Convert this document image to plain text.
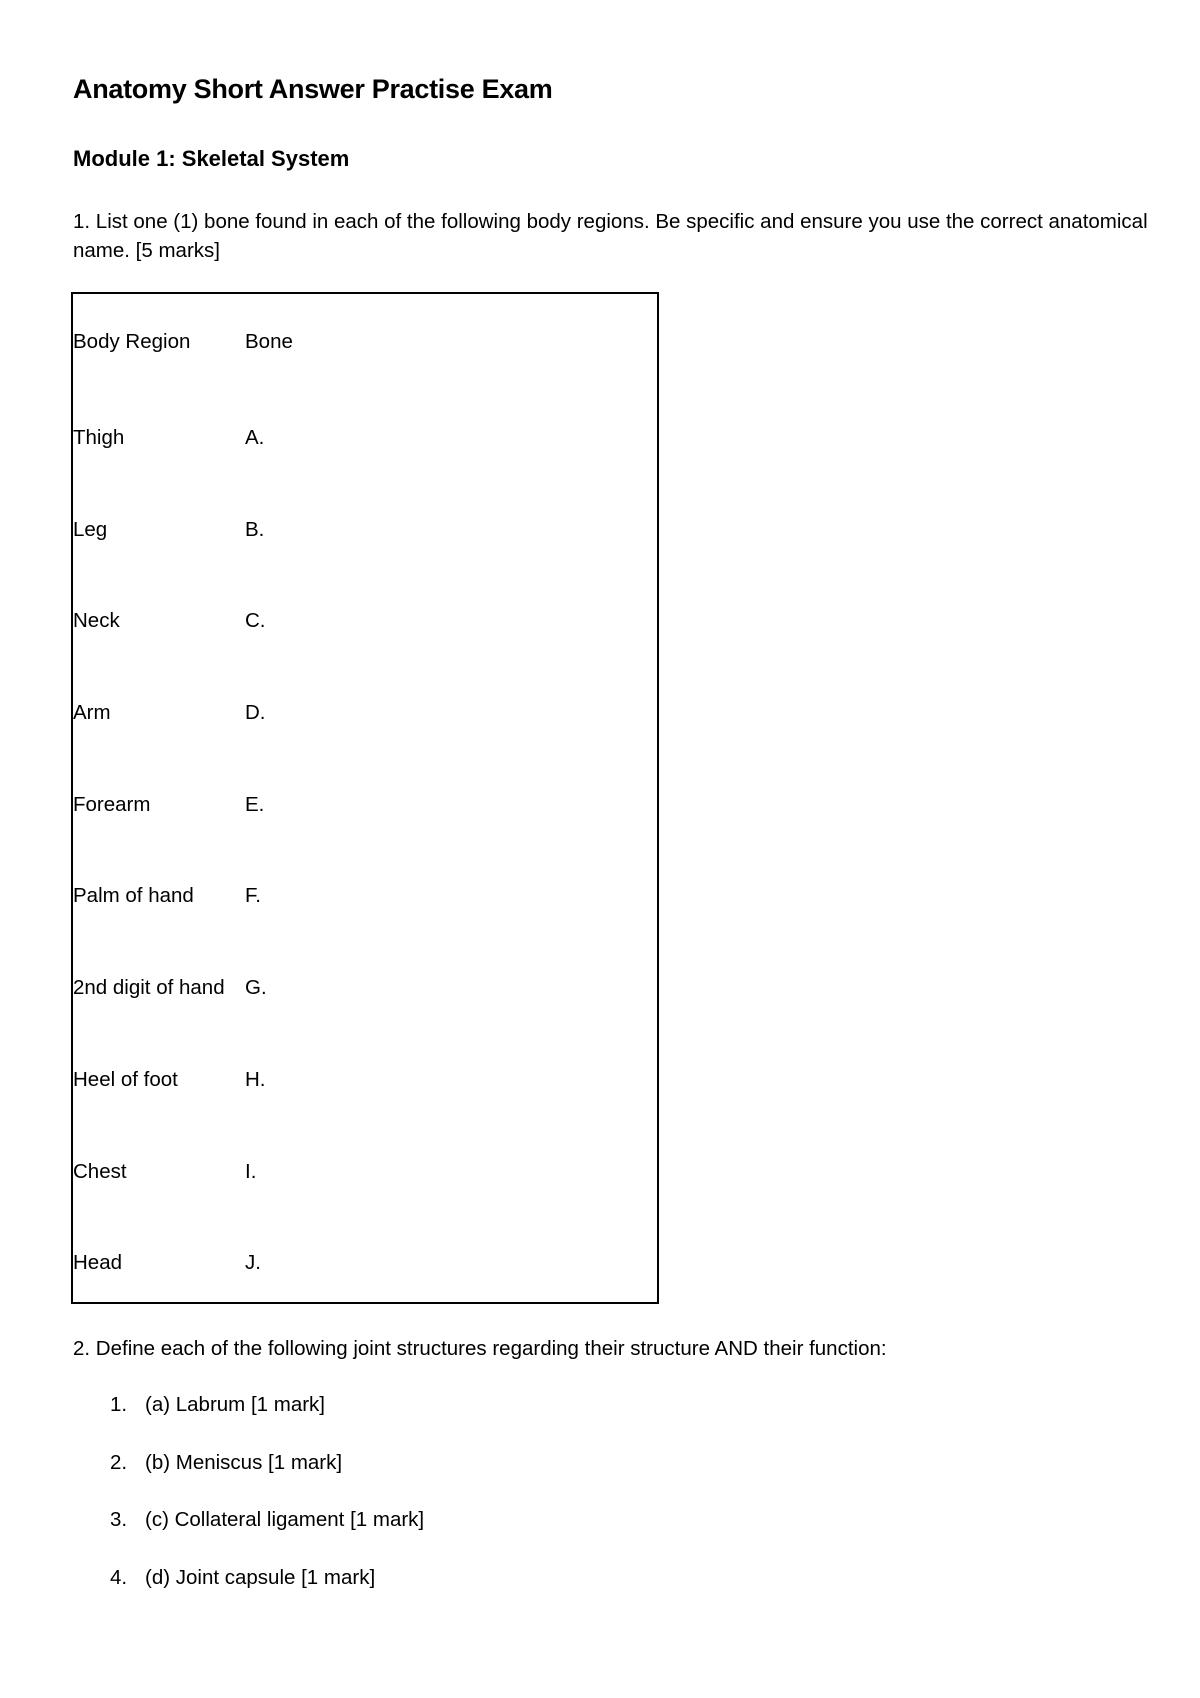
Anatomy Short Answer Practise Exam
Module 1: Skeletal System
1. List one (1) bone found in each of the following body regions. Be specific and ensure you use the correct anatomical name. [5 marks]
Body Region	Bone
Thigh	A.
Leg	B.
Neck	C.
Arm	D.
Forearm	E.
Palm of hand F.
2nd digit of hand G.
Heel of foot	H.
Chest	I.
Head	J.
2. Define each of the following joint structures regarding their structure AND their function:
1. (a) Labrum [1 mark]
2. (b) Meniscus [1 mark]
3. (c) Collateral ligament [1 mark]
4. (d) Joint capsule [1 mark]
